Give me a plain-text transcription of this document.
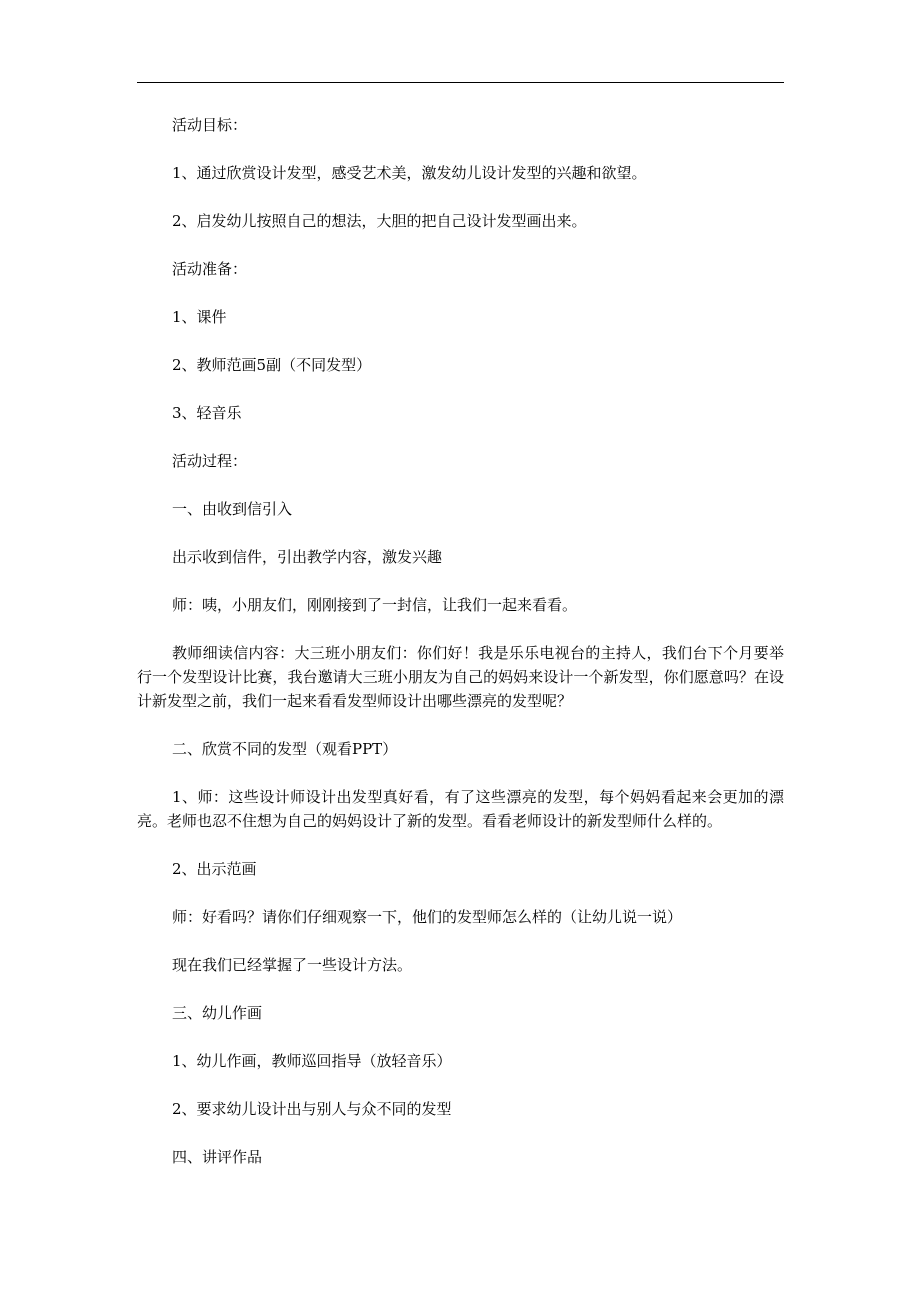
活动目标：

1、通过欣赏设计发型，感受艺术美，激发幼儿设计发型的兴趣和欲望。

2、启发幼儿按照自己的想法，大胆的把自己设计发型画出来。

活动准备：

1、课件

2、教师范画5副（不同发型）

3、轻音乐

活动过程：

一、由收到信引入

出示收到信件，引出教学内容，激发兴趣

师：咦，小朋友们，刚刚接到了一封信，让我们一起来看看。

教师细读信内容：大三班小朋友们：你们好！我是乐乐电视台的主持人，我们台下个月要举行一个发型设计比赛，我台邀请大三班小朋友为自己的妈妈来设计一个新发型，你们愿意吗？在设计新发型之前，我们一起来看看发型师设计出哪些漂亮的发型呢？

二、欣赏不同的发型（观看PPT）

1、师：这些设计师设计出发型真好看，有了这些漂亮的发型，每个妈妈看起来会更加的漂亮。老师也忍不住想为自己的妈妈设计了新的发型。看看老师设计的新发型师什么样的。

2、出示范画

师：好看吗？请你们仔细观察一下，他们的发型师怎么样的（让幼儿说一说）

现在我们已经掌握了一些设计方法。

三、幼儿作画

1、幼儿作画，教师巡回指导（放轻音乐）

2、要求幼儿设计出与别人与众不同的发型

四、讲评作品
